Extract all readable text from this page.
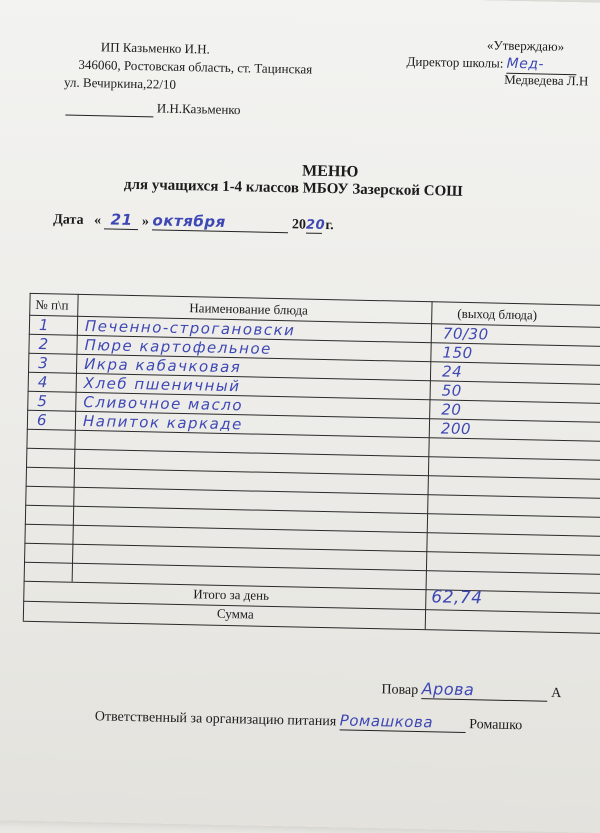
ИП Казьменко И.Н.
346060, Ростовская область, ст. Тацинская
ул. Вечиркина,22/10
И.Н.Казьменко
«Утверждаю»
Директор школы: Мед-
Медведева Л.Н
МЕНЮ
для учащихся 1-4 классов МБОУ Зазерской СОШ
Дата « 21 » октября	2020 г.
№ п\п	Наименование блюда	(выход блюда)
1 Печенно-строгановски	70/30
2 Пюре картофельное	150
3 Икра кабачковая	24
4 Хлеб пшеничный	50
5 Сливочное масло	20
6 Напиток каркаде	200
Итого за день	62,74
Сумма
Повар Арова	А
Ответственный за организацию питания Ромашкова	Ромашко
